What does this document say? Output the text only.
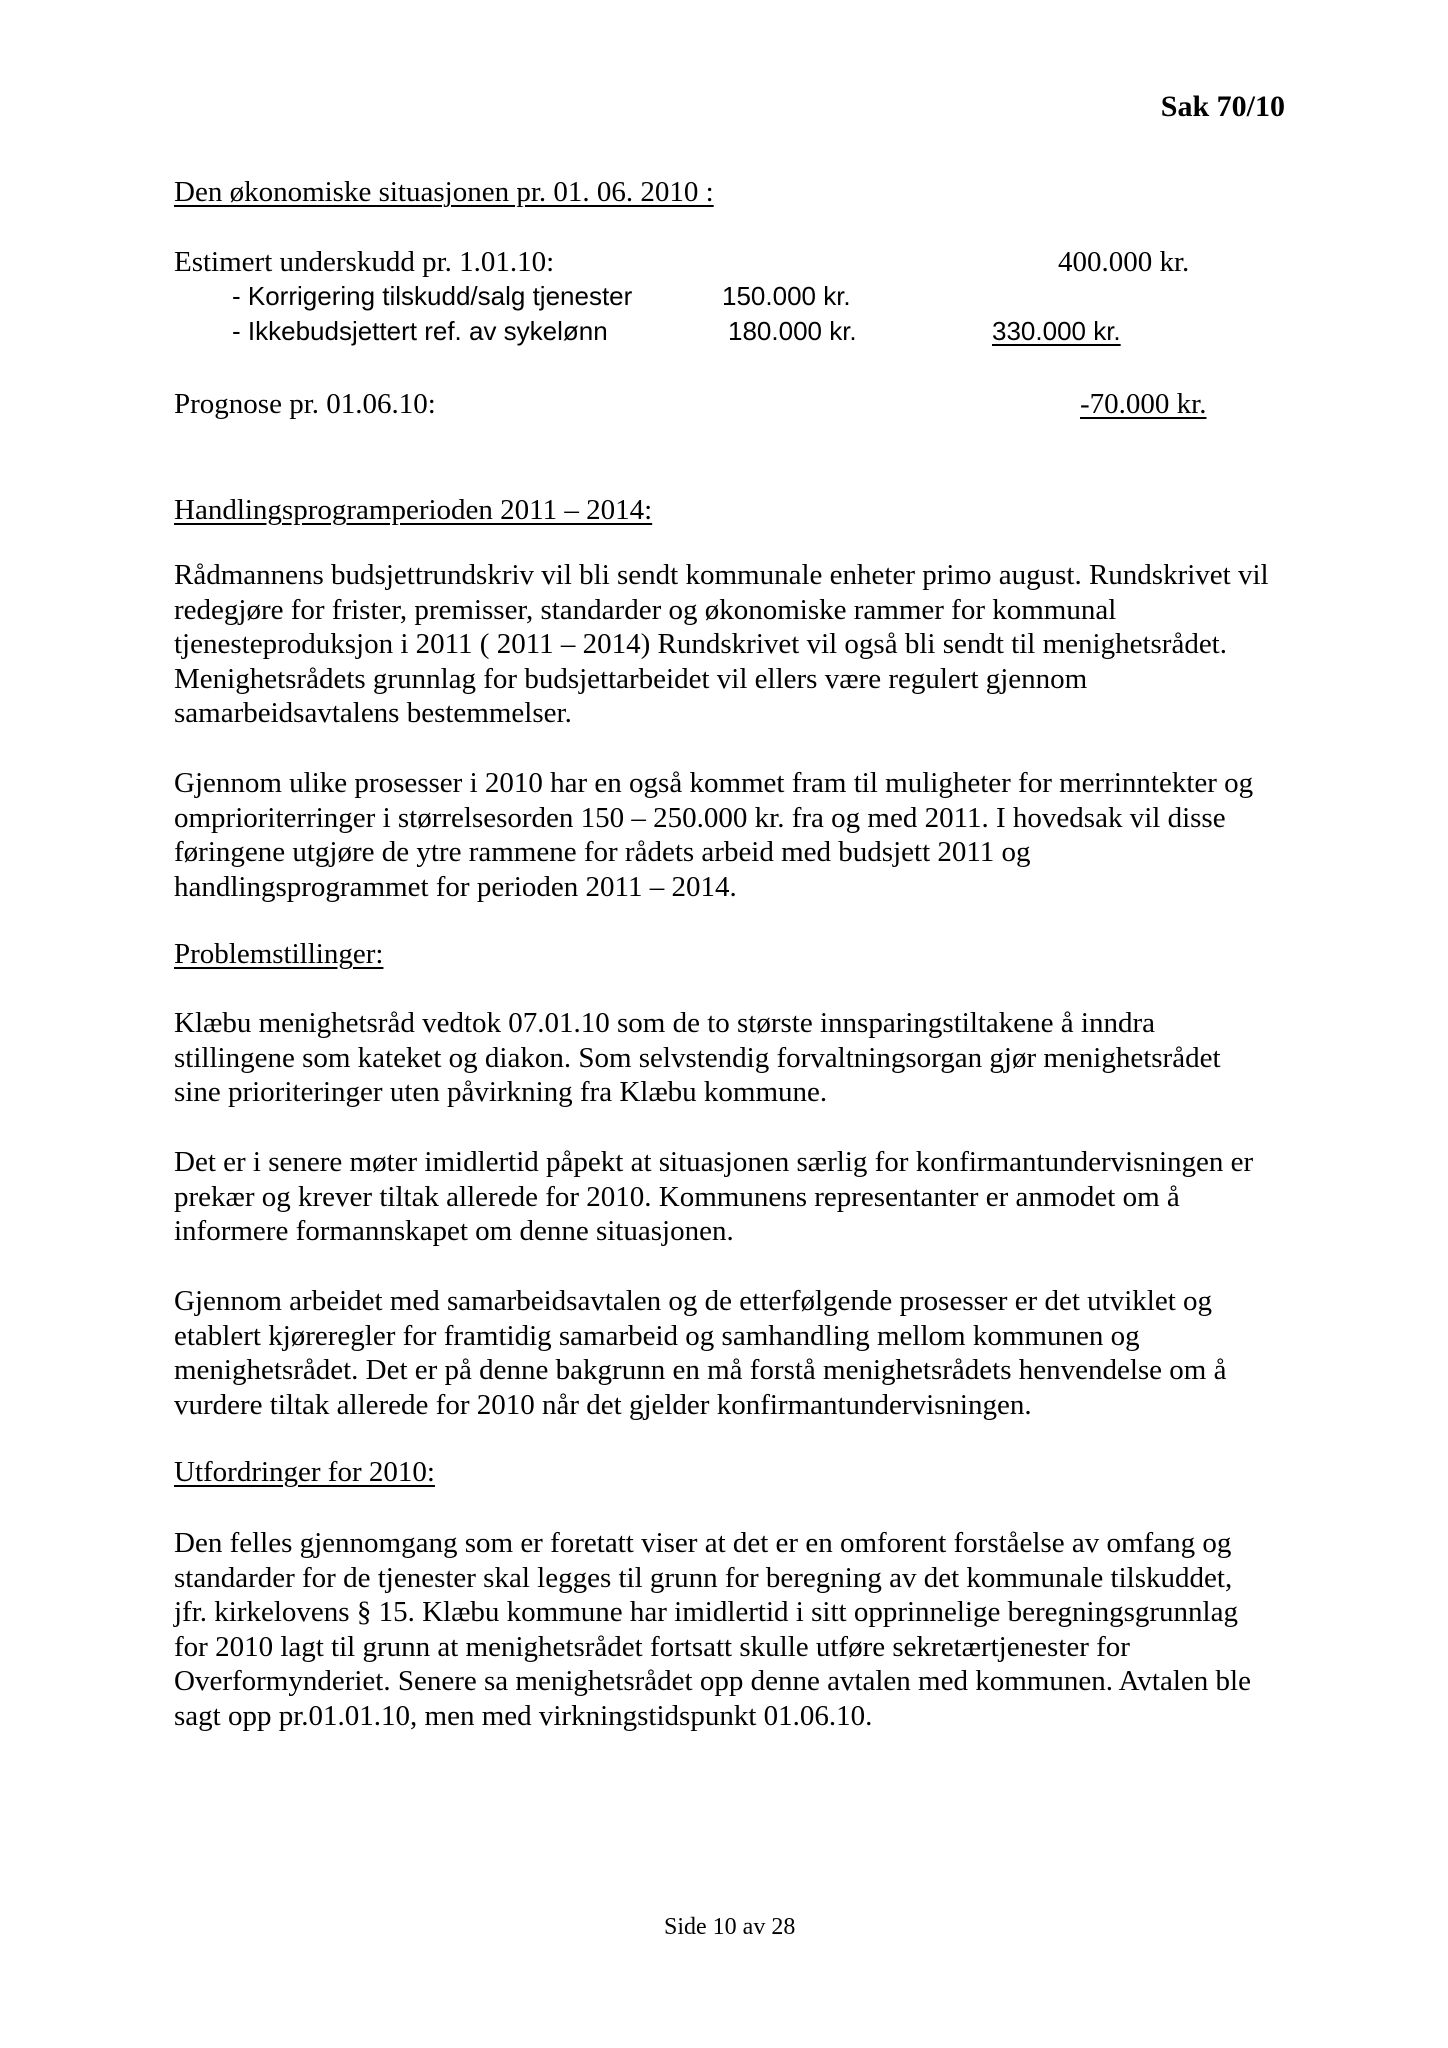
Sak 70/10
Den økonomiske situasjonen pr. 01. 06. 2010 :
Estimert underskudd pr. 1.01.10:	400.000 kr.
- Korrigering tilskudd/salg tjenester	150.000 kr.
- Ikkebudsjettert ref. av sykelønn	180.000 kr.	330.000 kr.
Prognose pr. 01.06.10:	-70.000 kr.
Handlingsprogramperioden 2011 – 2014:
Rådmannens budsjettrundskriv vil bli sendt kommunale enheter primo august. Rundskrivet vil
redegjøre for frister, premisser, standarder og økonomiske rammer for kommunal
tjenesteproduksjon i 2011 ( 2011 – 2014) Rundskrivet vil også bli sendt til menighetsrådet.
Menighetsrådets grunnlag for budsjettarbeidet vil ellers være regulert gjennom
samarbeidsavtalens bestemmelser.
Gjennom ulike prosesser i 2010 har en også kommet fram til muligheter for merrinntekter og
omprioriterringer i størrelsesorden 150 – 250.000 kr. fra og med 2011. I hovedsak vil disse
føringene utgjøre de ytre rammene for rådets arbeid med budsjett 2011 og
handlingsprogrammet for perioden 2011 – 2014.
Problemstillinger:
Klæbu menighetsråd vedtok 07.01.10 som de to største innsparingstiltakene å inndra
stillingene som kateket og diakon. Som selvstendig forvaltningsorgan gjør menighetsrådet
sine prioriteringer uten påvirkning fra Klæbu kommune.
Det er i senere møter imidlertid påpekt at situasjonen særlig for konfirmantundervisningen er
prekær og krever tiltak allerede for 2010. Kommunens representanter er anmodet om å
informere formannskapet om denne situasjonen.
Gjennom arbeidet med samarbeidsavtalen og de etterfølgende prosesser er det utviklet og
etablert kjøreregler for framtidig samarbeid og samhandling mellom kommunen og
menighetsrådet. Det er på denne bakgrunn en må forstå menighetsrådets henvendelse om å
vurdere tiltak allerede for 2010 når det gjelder konfirmantundervisningen.
Utfordringer for 2010:
Den felles gjennomgang som er foretatt viser at det er en omforent forståelse av omfang og
standarder for de tjenester skal legges til grunn for beregning av det kommunale tilskuddet,
jfr. kirkelovens § 15. Klæbu kommune har imidlertid i sitt opprinnelige beregningsgrunnlag
for 2010 lagt til grunn at menighetsrådet fortsatt skulle utføre sekretærtjenester for
Overformynderiet. Senere sa menighetsrådet opp denne avtalen med kommunen. Avtalen ble
sagt opp pr.01.01.10, men med virkningstidspunkt 01.06.10.
Side 10 av 28
